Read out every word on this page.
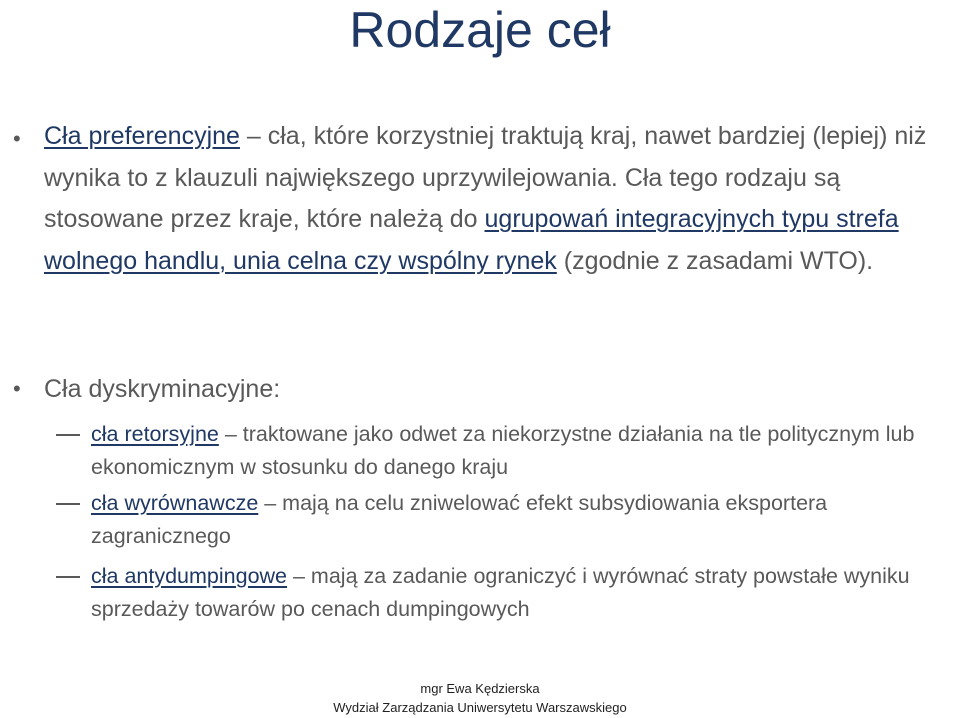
Rodzaje ceł
• Cła preferencyjne – cła, które korzystniej traktują kraj, nawet bardziej (lepiej) niż wynika to z klauzuli największego uprzywilejowania. Cła tego rodzaju są stosowane przez kraje, które należą do ugrupowań integracyjnych typu strefa wolnego handlu, unia celna czy wspólny rynek (zgodnie z zasadami WTO).
• Cła dyskryminacyjne:
cła retorsyjne – traktowane jako odwet za niekorzystne działania na tle politycznym lub ekonomicznym w stosunku do danego kraju
cła wyrównawcze – mają na celu zniwelować efekt subsydiowania eksportera zagranicznego
cła antydumpingowe – mają za zadanie ograniczyć i wyrównać straty powstałe wyniku sprzedaży towarów po cenach dumpingowych
mgr Ewa Kędzierska
Wydział Zarządzania Uniwersytetu Warszawskiego
